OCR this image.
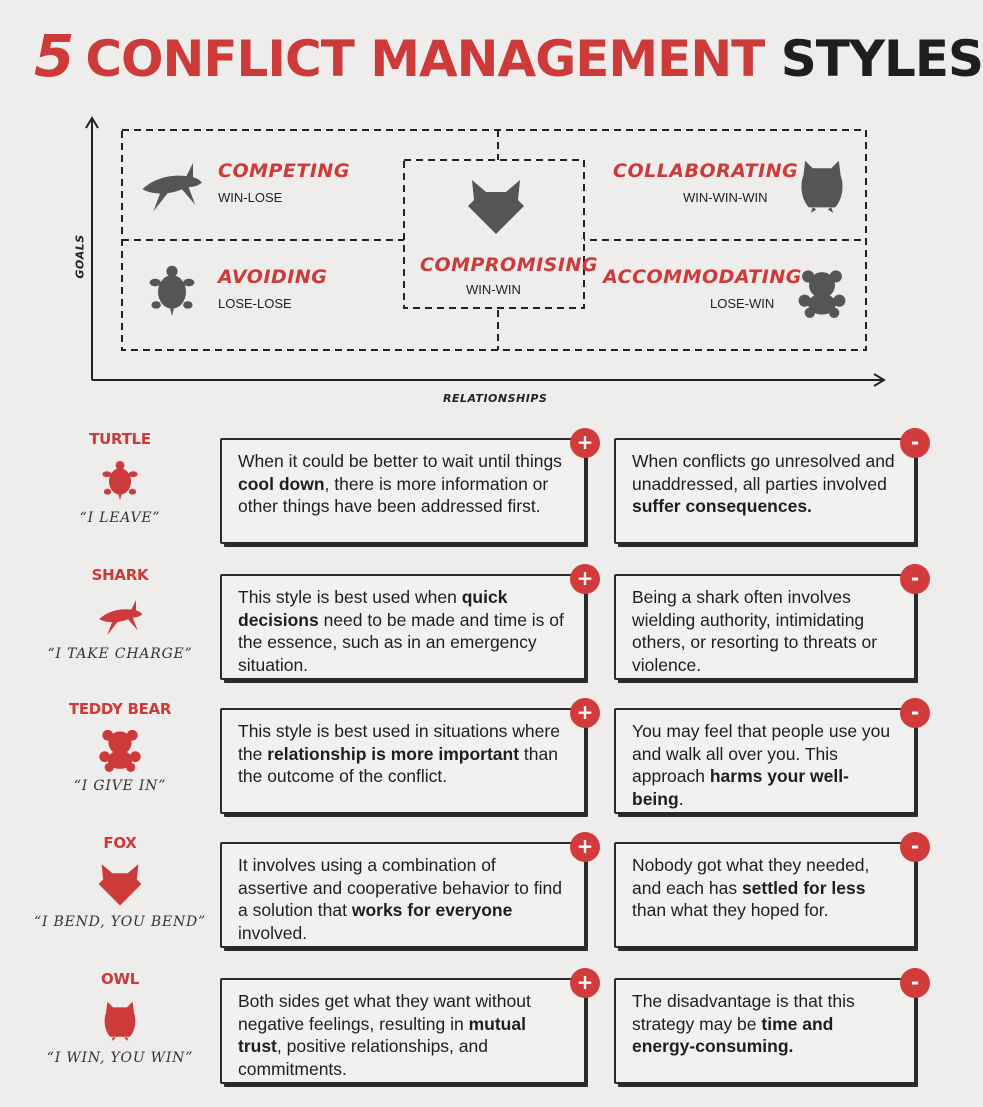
5 CONFLICT MANAGEMENT STYLES
GOALS
RELATIONSHIPS
COMPETING
WIN-LOSE
COLLABORATING
WIN-WIN-WIN
AVOIDING
LOSE-LOSE
ACCOMMODATING
LOSE-WIN
COMPROMISING
WIN-WIN
TURTLE
“I LEAVE”

When it could be better to wait until things cool down, there is more information or other things have been addressed first.

+

When conflicts go unresolved and unaddressed, all parties involved suffer consequences.

-
SHARK
“I TAKE CHARGE”

This style is best used when quick decisions need to be made and time is of the essence, such as in an emergency situation.

+

Being a shark often involves wielding authority, intimidating others, or resorting to threats or violence.

-
TEDDY BEAR
“I GIVE IN”

This style is best used in situations where the relationship is more important than the outcome of the conflict.

+

You may feel that people use you and walk all over you. This approach harms your well-being.

-
FOX
“I BEND, YOU BEND”

It involves using a combination of assertive and cooperative behavior to find a solution that works for everyone involved.

+

Nobody got what they needed, and each has settled for less than what they hoped for.

-
OWL
“I WIN, YOU WIN”

Both sides get what they want without negative feelings, resulting in mutual trust, positive relationships, and commitments.

+

The disadvantage is that this strategy may be time and energy-consuming.

-
